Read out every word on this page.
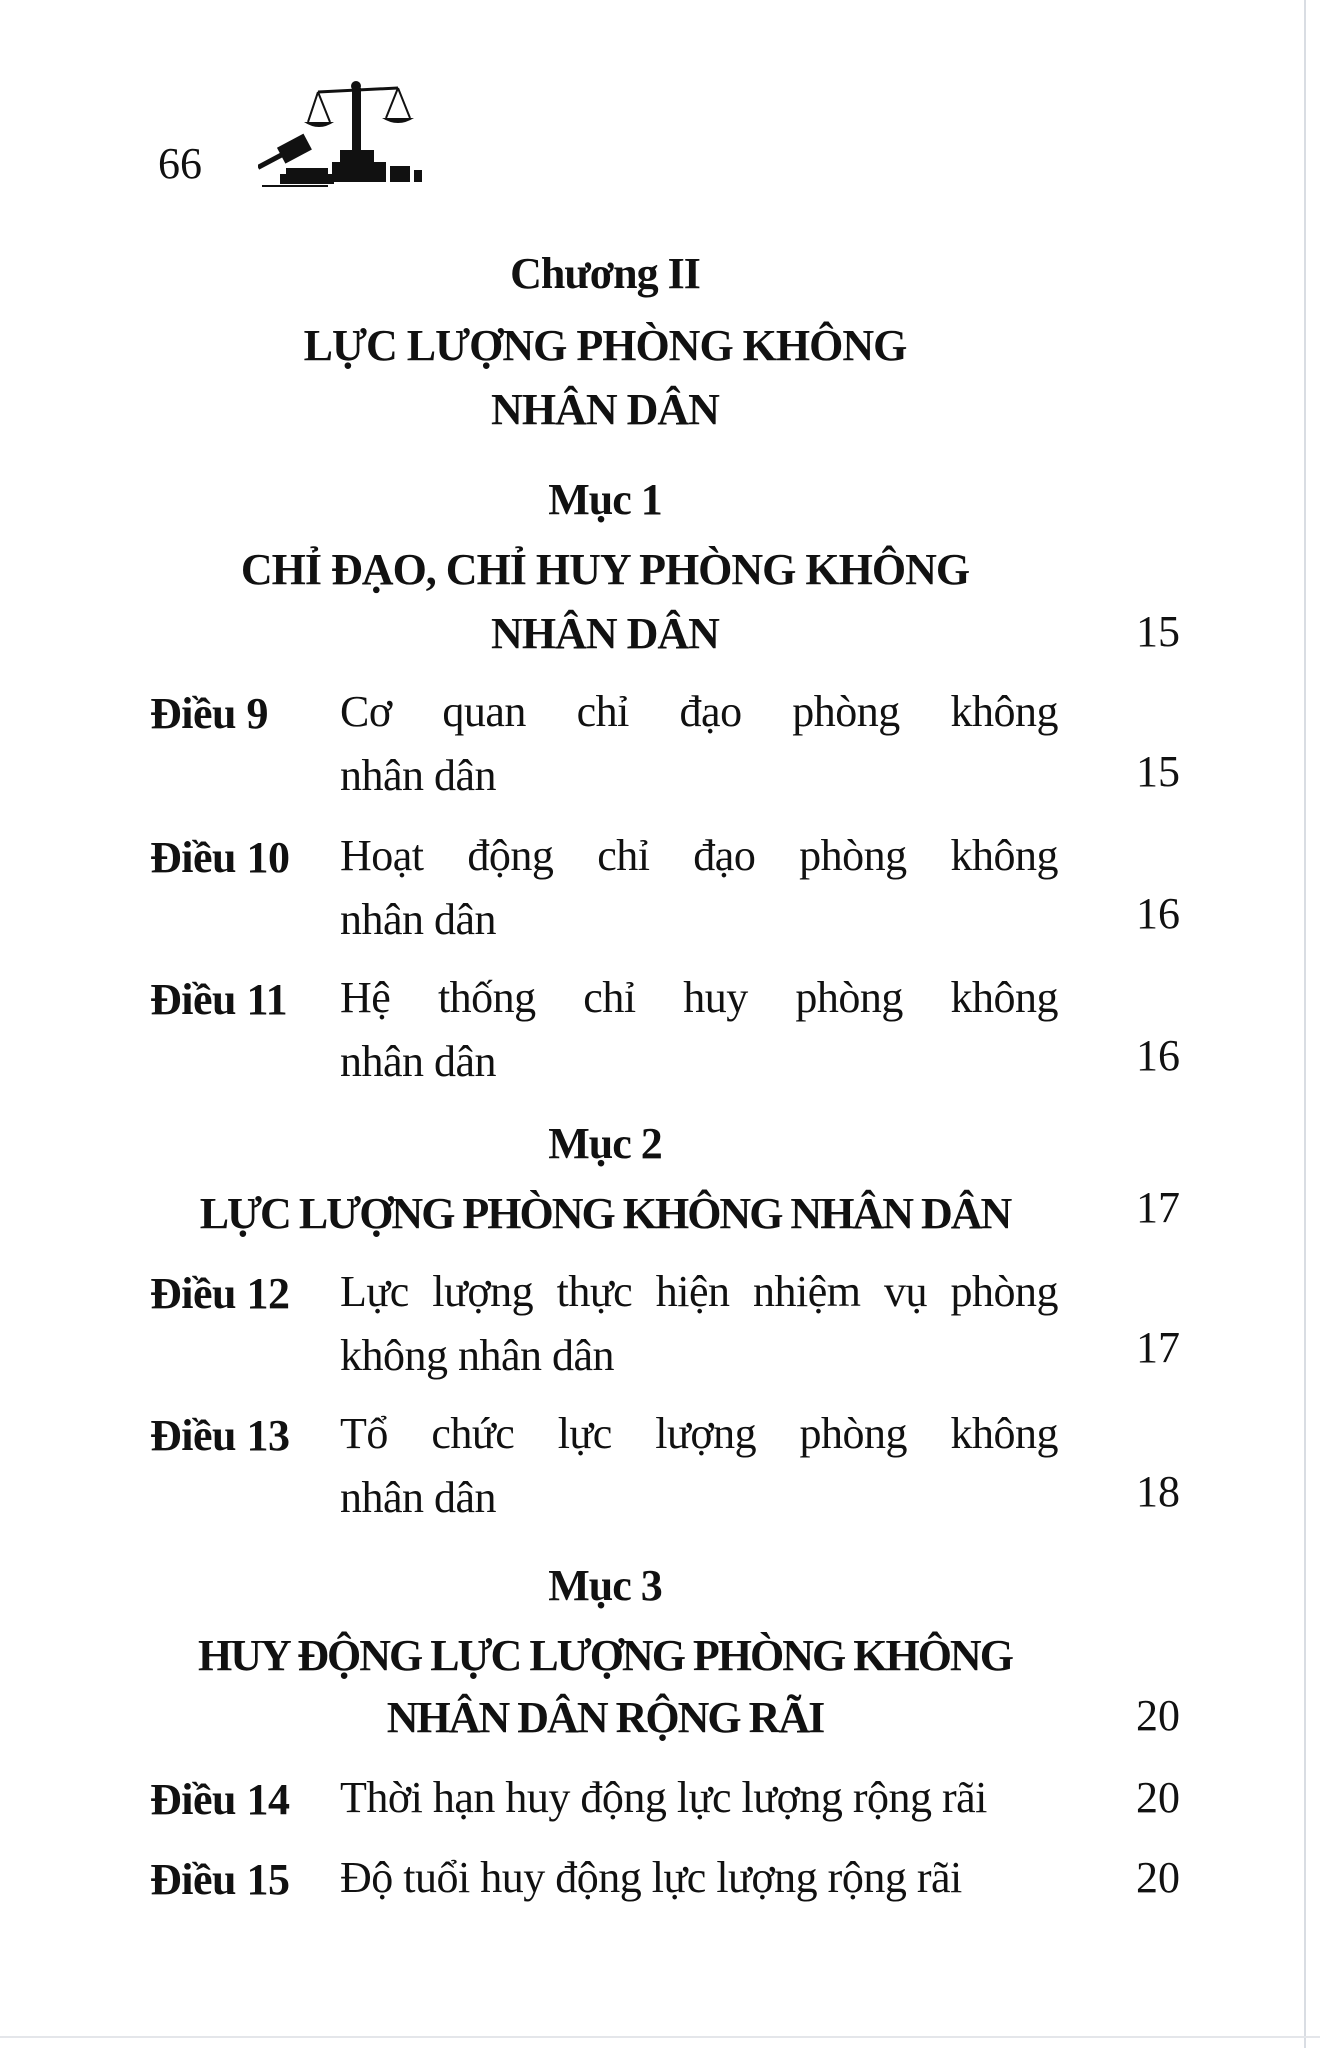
66
Chương II
LỰC LƯỢNG PHÒNG KHÔNG
NHÂN DÂN
Mục 1
CHỈ ĐẠO, CHỈ HUY PHÒNG KHÔNG
NHÂN DÂN	15
Điều 9 Cơ quan chỉ đạo phòng không
nhân dân	15
Điều 10 Hoạt động chỉ đạo phòng không
nhân dân	16
Điều 11 Hệ thống chỉ huy phòng không
nhân dân	16
Mục 2
LỰC LƯỢNG PHÒNG KHÔNG NHÂN DÂN	17
Điều 12 Lực lượng thực hiện nhiệm vụ phòng
không nhân dân	17
Điều 13 Tổ chức lực lượng phòng không
nhân dân	18
Mục 3
HUY ĐỘNG LỰC LƯỢNG PHÒNG KHÔNG
NHÂN DÂN RỘNG RÃI	20
Điều 14 Thời hạn huy động lực lượng rộng rãi	20
Điều 15 Độ tuổi huy động lực lượng rộng rãi	20
